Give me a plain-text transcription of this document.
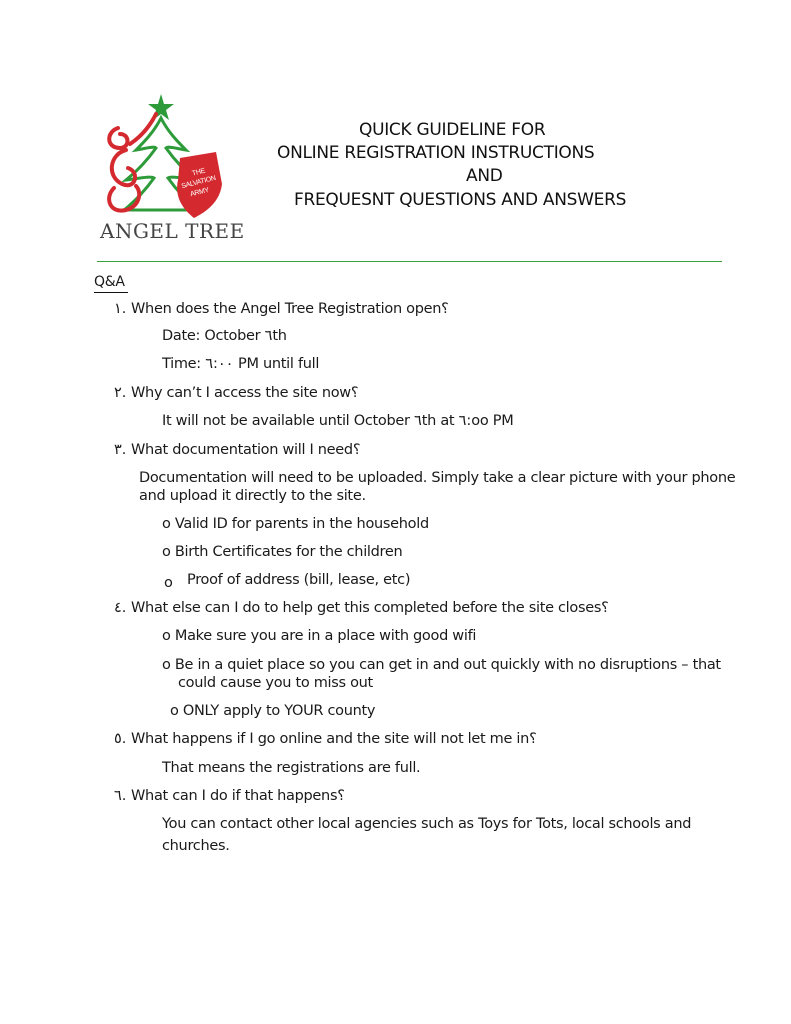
THE
SALVATION
ARMY
ANGEL TREE
QUICK GUIDELINE FOR
ONLINE REGISTRATION INSTRUCTIONS
AND
FREQUESNT QUESTIONS AND ANSWERS
Q&A
١. When does the Angel Tree Registration open؟
Date: October ٦th
Time: ٦:٠٠ PM until full
٢. Why can’t I access the site now؟
It will not be available until October ٦th at ٦:oo PM
٣. What documentation will I need؟
Documentation will need to be uploaded. Simply take a clear picture with your phone
and upload it directly to the site.
o Valid ID for parents in the household
o Birth Certificates for the children
o Proof of address (bill, lease, etc)
٤. What else can I do to help get this completed before the site closes؟
o Make sure you are in a place with good wifi
o Be in a quiet place so you can get in and out quickly with no disruptions – that
could cause you to miss out
o ONLY apply to YOUR county
٥. What happens if I go online and the site will not let me in؟
That means the registrations are full.
٦. What can I do if that happens؟
You can contact other local agencies such as Toys for Tots, local schools and
churches.
